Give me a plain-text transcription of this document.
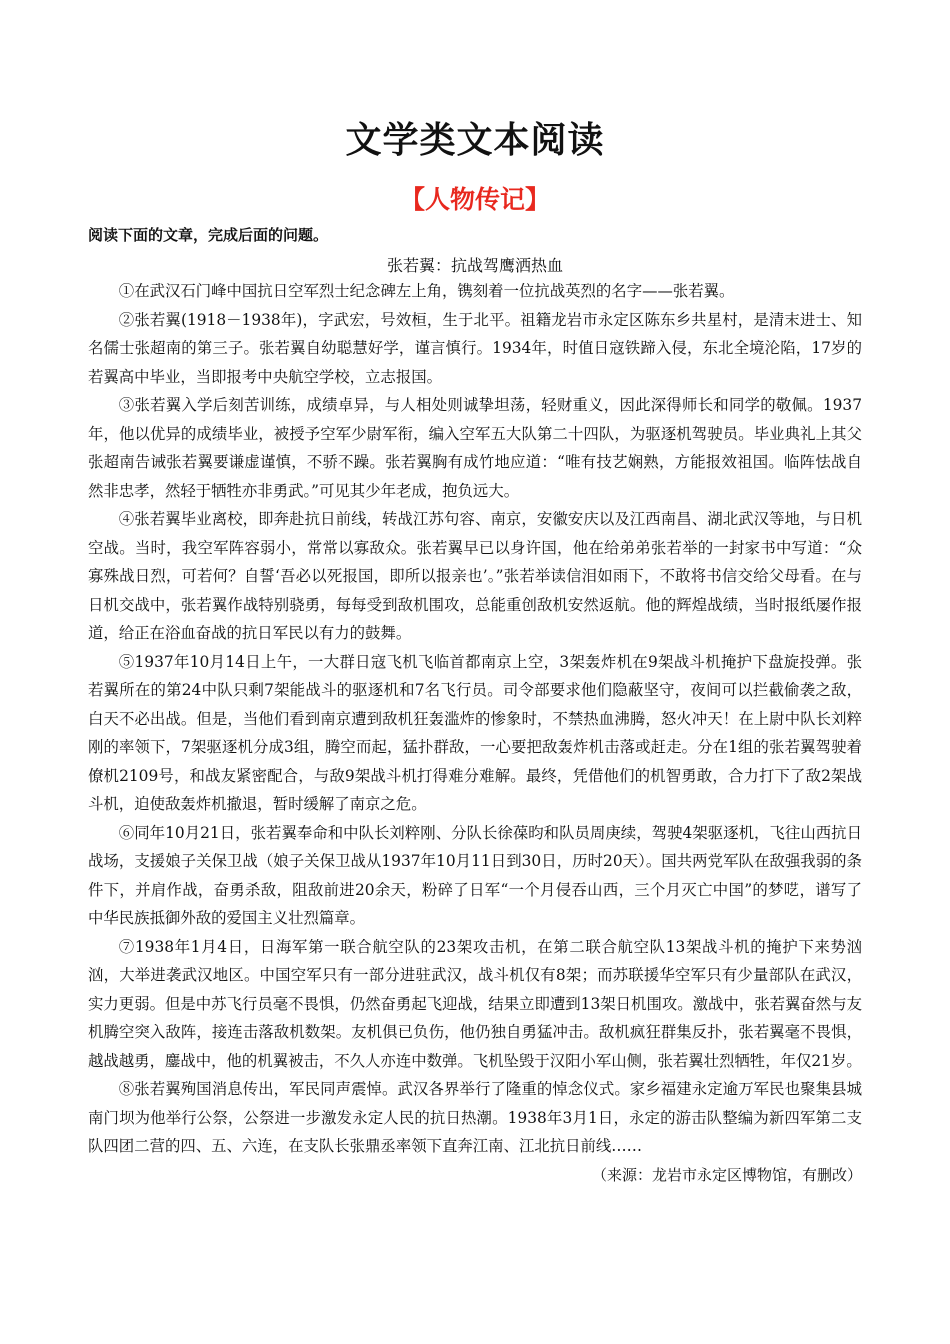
文学类文本阅读
【人物传记】

阅读下面的文章，完成后面的问题。

张若翼：抗战驾鹰洒热血

①在武汉石门峰中国抗日空军烈士纪念碑左上角，镌刻着一位抗战英烈的名字——张若翼。

②张若翼(1918－1938年)，字武宏，号效桓，生于北平。祖籍龙岩市永定区陈东乡共星村，是清末进士、知名儒士张超南的第三子。张若翼自幼聪慧好学，谨言慎行。1934年，时值日寇铁蹄入侵，东北全境沦陷，17岁的若翼高中毕业，当即报考中央航空学校，立志报国。

③张若翼入学后刻苦训练，成绩卓异，与人相处则诚挚坦荡，轻财重义，因此深得师长和同学的敬佩。1937年，他以优异的成绩毕业，被授予空军少尉军衔，编入空军五大队第二十四队，为驱逐机驾驶员。毕业典礼上其父张超南告诫张若翼要谦虚谨慎，不骄不躁。张若翼胸有成竹地应道：“唯有技艺娴熟，方能报效祖国。临阵怯战自然非忠孝，然轻于牺牲亦非勇武。”可见其少年老成，抱负远大。

④张若翼毕业离校，即奔赴抗日前线，转战江苏句容、南京，安徽安庆以及江西南昌、湖北武汉等地，与日机空战。当时，我空军阵容弱小，常常以寡敌众。张若翼早已以身许国，他在给弟弟张若举的一封家书中写道：“众寡殊战日烈，可若何？自誓‘吾必以死报国，即所以报亲也’。”张若举读信泪如雨下，不敢将书信交给父母看。在与日机交战中，张若翼作战特别骁勇，每每受到敌机围攻，总能重创敌机安然返航。他的辉煌战绩，当时报纸屡作报道，给正在浴血奋战的抗日军民以有力的鼓舞。

⑤1937年10月14日上午，一大群日寇飞机飞临首都南京上空，3架轰炸机在9架战斗机掩护下盘旋投弹。张若翼所在的第24中队只剩7架能战斗的驱逐机和7名飞行员。司令部要求他们隐蔽坚守，夜间可以拦截偷袭之敌，白天不必出战。但是，当他们看到南京遭到敌机狂轰滥炸的惨象时，不禁热血沸腾，怒火冲天！在上尉中队长刘粹刚的率领下，7架驱逐机分成3组，腾空而起，猛扑群敌，一心要把敌轰炸机击落或赶走。分在1组的张若翼驾驶着僚机2109号，和战友紧密配合，与敌9架战斗机打得难分难解。最终，凭借他们的机智勇敢，合力打下了敌2架战斗机，迫使敌轰炸机撤退，暂时缓解了南京之危。

⑥同年10月21日，张若翼奉命和中队长刘粹刚、分队长徐葆昀和队员周庚续，驾驶4架驱逐机，飞往山西抗日战场，支援娘子关保卫战（娘子关保卫战从1937年10月11日到30日，历时20天）。国共两党军队在敌强我弱的条件下，并肩作战，奋勇杀敌，阻敌前进20余天，粉碎了日军“一个月侵吞山西，三个月灭亡中国”的梦呓，谱写了中华民族抵御外敌的爱国主义壮烈篇章。

⑦1938年1月4日，日海军第一联合航空队的23架攻击机，在第二联合航空队13架战斗机的掩护下来势汹汹，大举进袭武汉地区。中国空军只有一部分进驻武汉，战斗机仅有8架；而苏联援华空军只有少量部队在武汉，实力更弱。但是中苏飞行员毫不畏惧，仍然奋勇起飞迎战，结果立即遭到13架日机围攻。激战中，张若翼奋然与友机腾空突入敌阵，接连击落敌机数架。友机俱已负伤，他仍独自勇猛冲击。敌机疯狂群集反扑，张若翼毫不畏惧，越战越勇，鏖战中，他的机翼被击，不久人亦连中数弹。飞机坠毁于汉阳小军山侧，张若翼壮烈牺牲，年仅21岁。

⑧张若翼殉国消息传出，军民同声震悼。武汉各界举行了隆重的悼念仪式。家乡福建永定逾万军民也聚集县城南门坝为他举行公祭，公祭进一步激发永定人民的抗日热潮。1938年3月1日，永定的游击队整编为新四军第二支队四团二营的四、五、六连，在支队长张鼎丞率领下直奔江南、江北抗日前线……

（来源：龙岩市永定区博物馆，有删改）
